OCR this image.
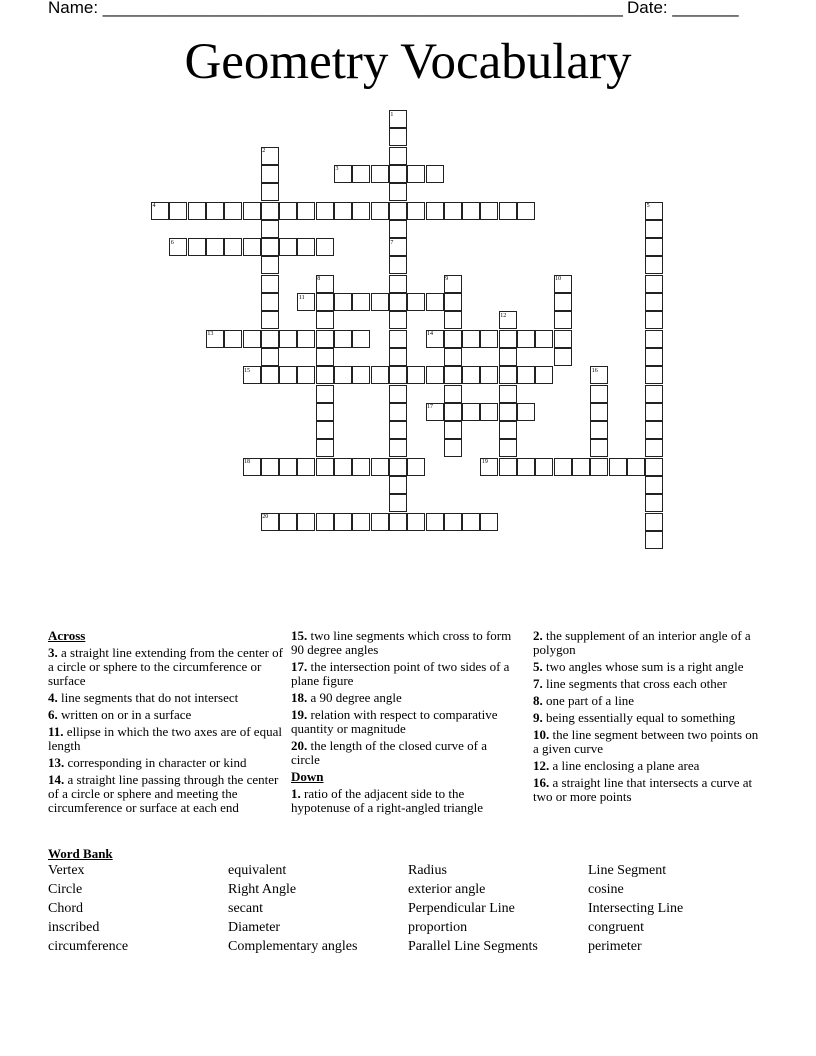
Name: _______________________________________________________ Date: _______
Geometry Vocabulary
1
2
3
4	5
6	7
8	9	10
11
12
13	14
15	16
17
18	19
20
Across
3. a straight line extending from the center of a circle or sphere to the circumference or surface
4. line segments that do not intersect
6. written on or in a surface
11. ellipse in which the two axes are of equal length
13. corresponding in character or kind
14. a straight line passing through the center of a circle or sphere and meeting the circumference or surface at each end
15. two line segments which cross to form 90 degree angles
17. the intersection point of two sides of a plane figure
18. a 90 degree angle
19. relation with respect to comparative quantity or magnitude
20. the length of the closed curve of a circle
Down
1. ratio of the adjacent side to the hypotenuse of a right-angled triangle
2. the supplement of an interior angle of a polygon
5. two angles whose sum is a right angle
7. line segments that cross each other
8. one part of a line
9. being essentially equal to something
10. the line segment between two points on a given curve
12. a line enclosing a plane area
16. a straight line that intersects a curve at two or more points
Word Bank
Vertex
Circle
Chord
inscribed
circumference
equivalent
Right Angle
secant
Diameter
Complementary angles
Radius
exterior angle
Perpendicular Line
proportion
Parallel Line Segments
Line Segment
cosine
Intersecting Line
congruent
perimeter
